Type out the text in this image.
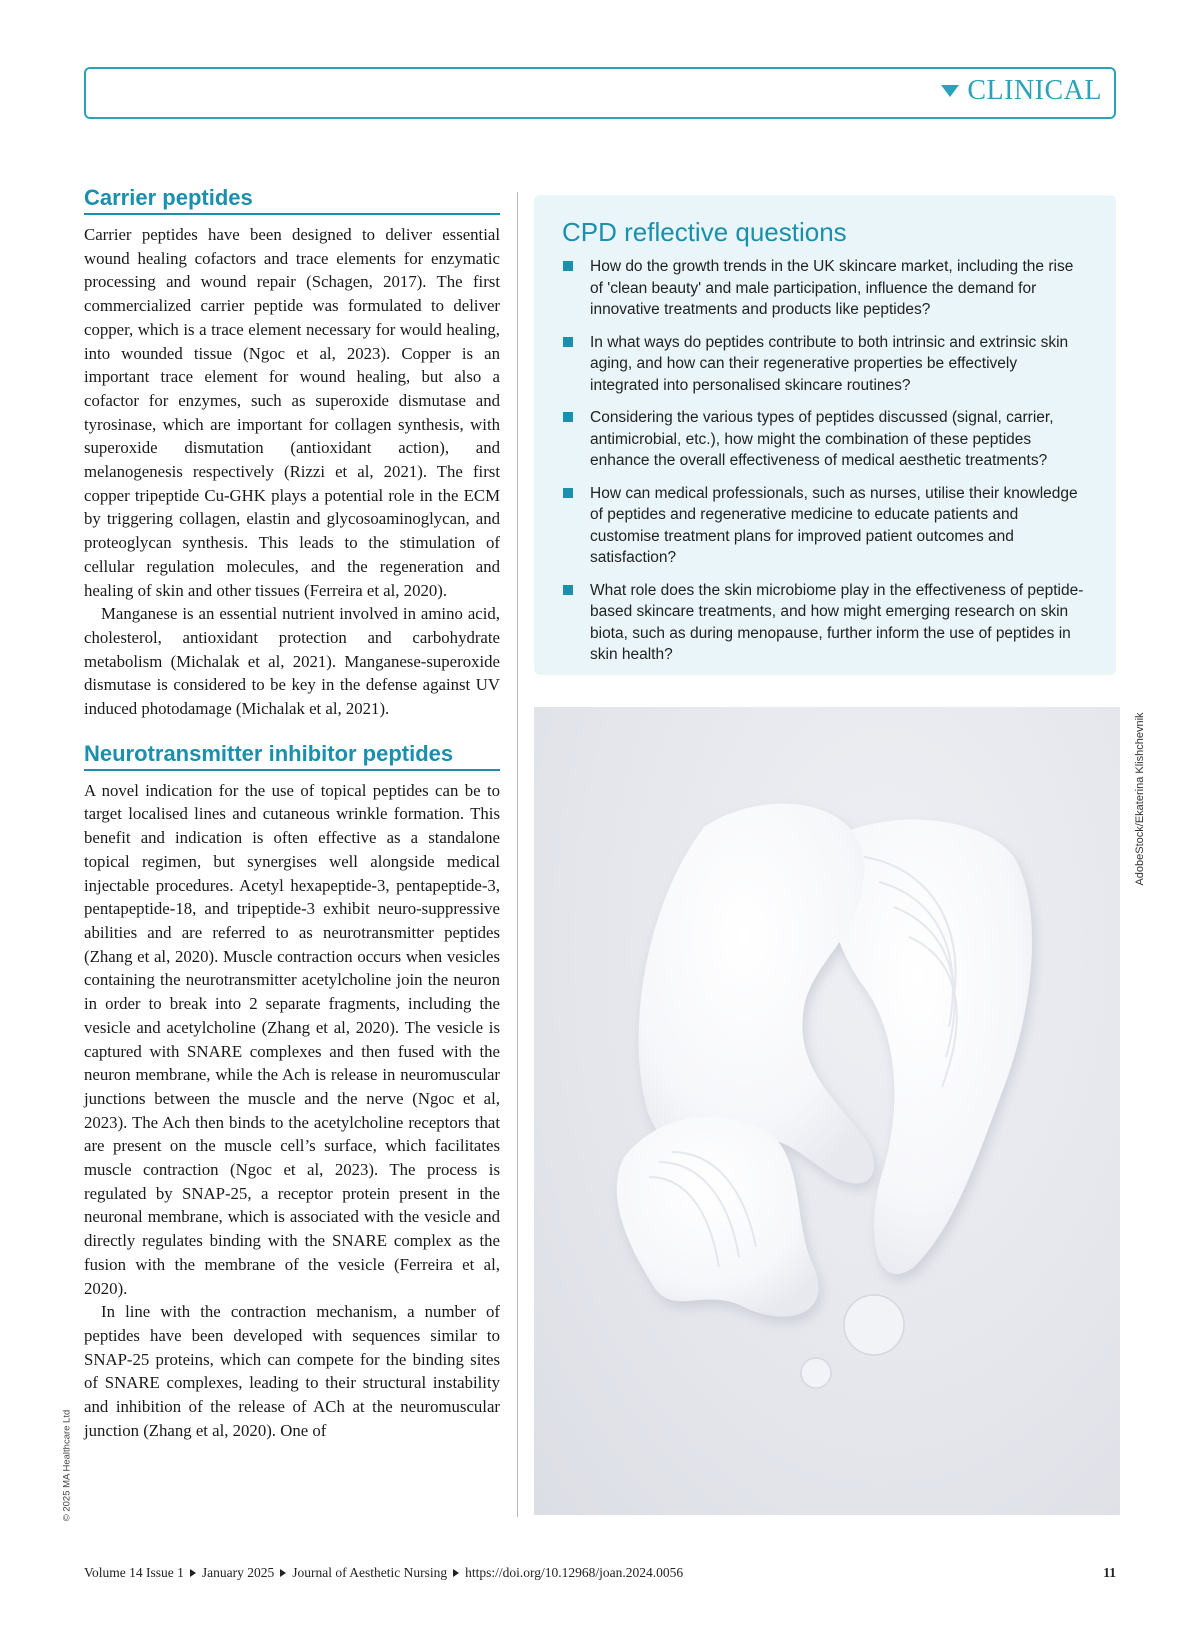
CLINICAL
Carrier peptides

Carrier peptides have been designed to deliver essential wound healing cofactors and trace elements for enzymatic processing and wound repair (Schagen, 2017). The first commercialized carrier peptide was formulated to deliver copper, which is a trace element necessary for would healing, into wounded tissue (Ngoc et al, 2023). Copper is an important trace element for wound healing, but also a cofactor for enzymes, such as superoxide dismutase and tyrosinase, which are important for collagen synthesis, with superoxide dismutation (antioxidant action), and melanogenesis respectively (Rizzi et al, 2021). The first copper tripeptide Cu-GHK plays a potential role in the ECM by triggering collagen, elastin and glycosoaminoglycan, and proteoglycan synthesis. This leads to the stimulation of cellular regulation molecules, and the regeneration and healing of skin and other tissues (Ferreira et al, 2020).

Manganese is an essential nutrient involved in amino acid, cholesterol, antioxidant protection and carbohydrate metabolism (Michalak et al, 2021). Manganese-superoxide dismutase is considered to be key in the defense against UV induced photodamage (Michalak et al, 2021).

Neurotransmitter inhibitor peptides

A novel indication for the use of topical peptides can be to target localised lines and cutaneous wrinkle formation. This benefit and indication is often effective as a standalone topical regimen, but synergises well alongside medical injectable procedures. Acetyl hexapeptide-3, pentapeptide-3, pentapeptide-18, and tripeptide-3 exhibit neuro-suppressive abilities and are referred to as neurotransmitter peptides (Zhang et al, 2020). Muscle contraction occurs when vesicles containing the neurotransmitter acetylcholine join the neuron in order to break into 2 separate fragments, including the vesicle and acetylcholine (Zhang et al, 2020). The vesicle is captured with SNARE complexes and then fused with the neuron membrane, while the Ach is release in neuromuscular junctions between the muscle and the nerve (Ngoc et al, 2023). The Ach then binds to the acetylcholine receptors that are present on the muscle cell’s surface, which facilitates muscle contraction (Ngoc et al, 2023). The process is regulated by SNAP-25, a receptor protein present in the neuronal membrane, which is associated with the vesicle and directly regulates binding with the SNARE complex as the fusion with the membrane of the vesicle (Ferreira et al, 2020).

In line with the contraction mechanism, a number of peptides have been developed with sequences similar to SNAP-25 proteins, which can compete for the binding sites of SNARE complexes, leading to their structural instability and inhibition of the release of ACh at the neuromuscular junction (Zhang et al, 2020). One of

CPD reflective questions
How do the growth trends in the UK skincare market, including the rise of 'clean beauty' and male participation, influence the demand for innovative treatments and products like peptides?
In what ways do peptides contribute to both intrinsic and extrinsic skin aging, and how can their regenerative properties be effectively integrated into personalised skincare routines?
Considering the various types of peptides discussed (signal, carrier, antimicrobial, etc.), how might the combination of these peptides enhance the overall effectiveness of medical aesthetic treatments?
How can medical professionals, such as nurses, utilise their knowledge of peptides and regenerative medicine to educate patients and customise treatment plans for improved patient outcomes and satisfaction?
What role does the skin microbiome play in the effectiveness of peptide-based skincare treatments, and how might emerging research on skin biota, such as during menopause, further inform the use of peptides in skin health?
AdobeStock/Ekaterina Klishchevnik
© 2025 MA Healthcare Ltd
Volume 14 Issue 1 January 2025 Journal of Aesthetic Nursing https://doi.org/10.12968/joan.2024.0056	11
